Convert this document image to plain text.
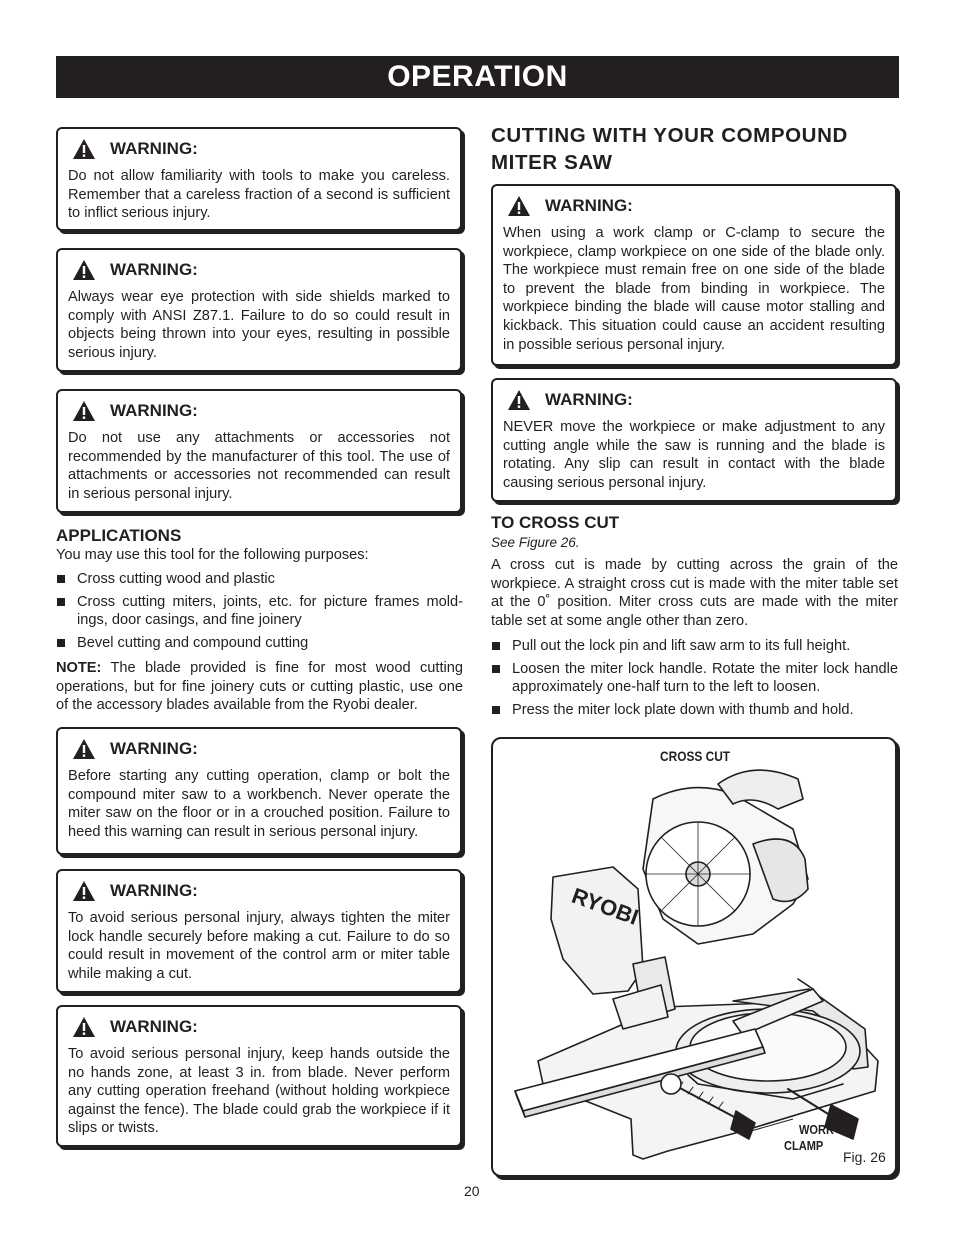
OPERATION
WARNING:
Do not allow familiarity with tools to make you careless. Remember that a careless fraction of a second is sufficient to inflict serious injury.
WARNING:
Always wear eye protection with side shields marked to comply with ANSI Z87.1. Failure to do so could result in objects being thrown into your eyes, resulting in possible serious injury.
WARNING:
Do not use any attachments or accessories not recommended by the manufacturer of this tool. The use of attachments or accessories not recommended can result in serious personal injury.
APPLICATIONS
You may use this tool for the following purposes:
Cross cutting wood and plastic
Cross cutting miters, joints, etc. for picture frames moldings, door casings, and fine joinery
Bevel cutting and compound cutting
NOTE: The blade provided is fine for most wood cutting operations, but for fine joinery cuts or cutting plastic, use one of the accessory blades available from the Ryobi dealer.
WARNING:
Before starting any cutting operation, clamp or bolt the compound miter saw to a workbench. Never operate the miter saw on the floor or in a crouched position. Failure to heed this warning can result in serious personal injury.
WARNING:
To avoid serious personal injury, always tighten the miter lock handle securely before making a cut. Failure to do so could result in movement of the control arm or miter table while making a cut.
WARNING:
To avoid serious personal injury, keep hands outside the no hands zone, at least 3 in. from blade. Never perform any cutting operation freehand (without holding workpiece against the fence). The blade could grab the workpiece if it slips or twists.
CUTTING WITH YOUR COMPOUND MITER SAW
WARNING:
When using a work clamp or C-clamp to secure the workpiece, clamp workpiece on one side of the blade only. The workpiece must remain free on one side of the blade to prevent the blade from binding in workpiece. The workpiece binding the blade will cause motor stalling and kickback. This situation could cause an accident resulting in possible serious personal injury.
WARNING:
NEVER move the workpiece or make adjustment to any cutting angle while the saw is running and the blade is rotating. Any slip can result in contact with the blade causing serious personal injury.
TO CROSS CUT
See Figure 26.
A cross cut is made by cutting across the grain of the workpiece. A straight cross cut is made with the miter table set at the 0˚ position. Miter cross cuts are made with the miter table set at some angle other than zero.
Pull out the lock pin and lift saw arm to its full height.
Loosen the miter lock handle. Rotate the miter lock handle approximately one-half turn to the left to loosen.
Press the miter lock plate down with thumb and hold.
CROSS CUT
RYOBI
WORK
CLAMP
Fig. 26
20
